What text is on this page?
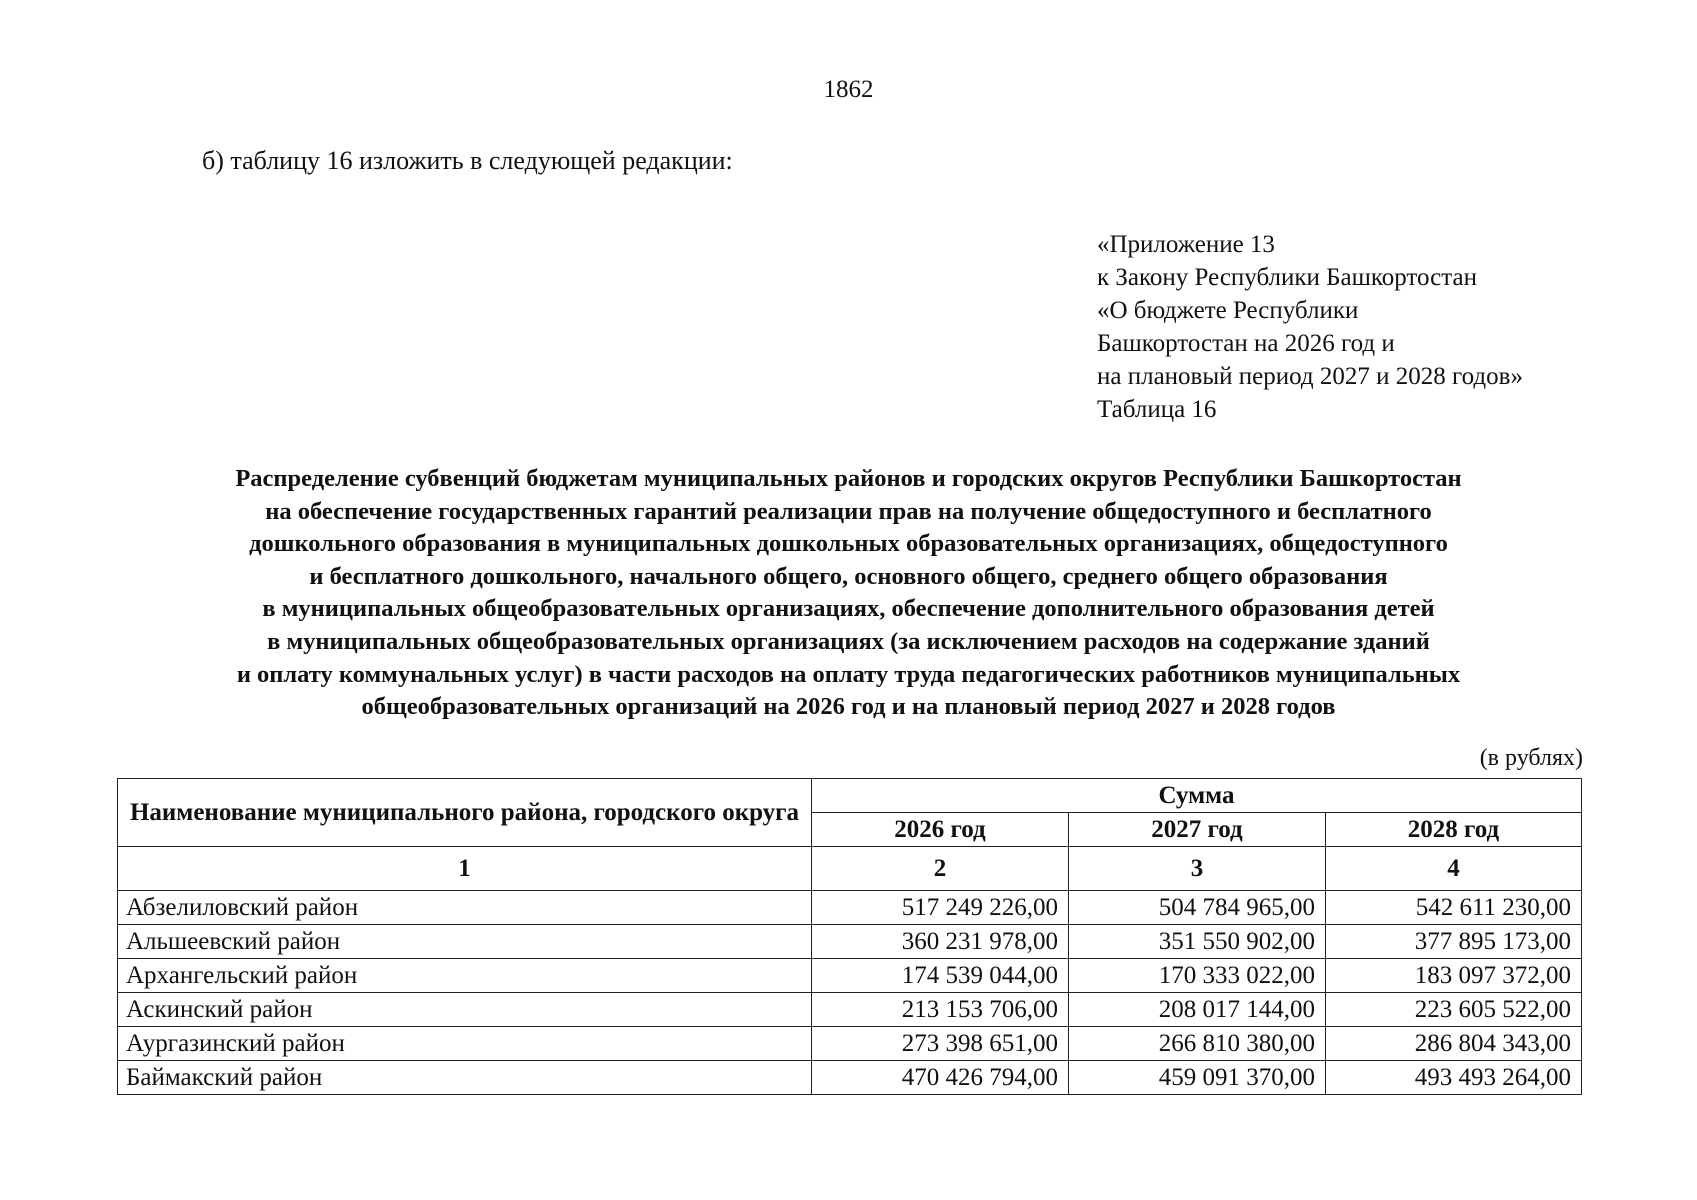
1862
б) таблицу 16 изложить в следующей редакции:
«Приложение 13
к Закону Республики Башкортостан
«О бюджете Республики
Башкортостан на 2026 год и
на плановый период 2027 и 2028 годов»
Таблица 16
Распределение субвенций бюджетам муниципальных районов и городских округов Республики Башкортостан
на обеспечение государственных гарантий реализации прав на получение общедоступного и бесплатного
дошкольного образования в муниципальных дошкольных образовательных организациях, общедоступного
и бесплатного дошкольного, начального общего, основного общего, среднего общего образования
в муниципальных общеобразовательных организациях, обеспечение дополнительного образования детей
в муниципальных общеобразовательных организациях (за исключением расходов на содержание зданий
и оплату коммунальных услуг) в части расходов на оплату труда педагогических работников муниципальных
общеобразовательных организаций на 2026 год и на плановый период 2027 и 2028 годов
(в рублях)
Наименование муниципального района, городского округа	Сумма		
	2026 год	2027 год	2028 год
1	2	3	4
Абзелиловский район	517 249 226,00	504 784 965,00	542 611 230,00
Альшеевский район	360 231 978,00	351 550 902,00	377 895 173,00
Архангельский район	174 539 044,00	170 333 022,00	183 097 372,00
Аскинский район	213 153 706,00	208 017 144,00	223 605 522,00
Аургазинский район	273 398 651,00	266 810 380,00	286 804 343,00
Баймакский район	470 426 794,00	459 091 370,00	493 493 264,00
